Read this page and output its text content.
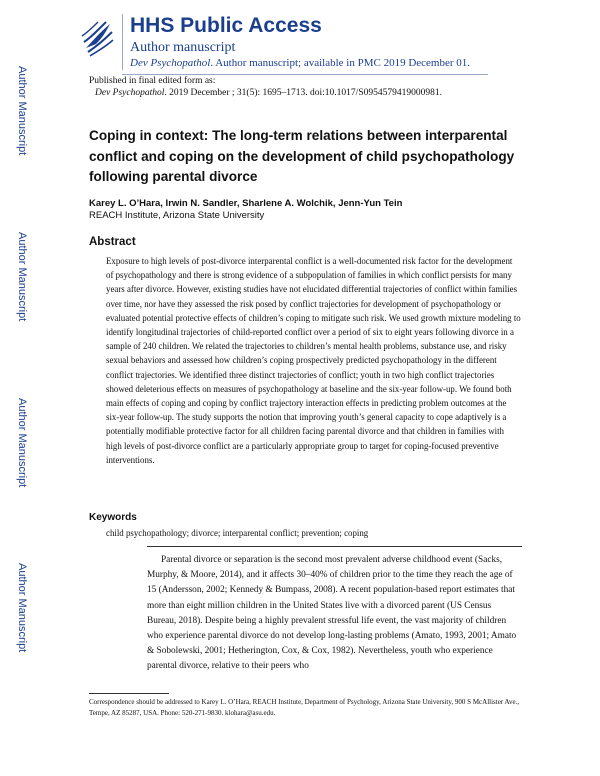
Author Manuscript
Author Manuscript
Author Manuscript
Author Manuscript
HHS Public Access
Author manuscript
Dev Psychopathol. Author manuscript; available in PMC 2019 December 01.
Published in final edited form as:
Dev Psychopathol. 2019 December ; 31(5): 1695–1713. doi:10.1017/S0954579419000981.
Coping in context: The long-term relations between interparental conflict and coping on the development of child psychopathology following parental divorce
Karey L. O’Hara, Irwin N. Sandler, Sharlene A. Wolchik, Jenn-Yun Tein
REACH Institute, Arizona State University
Abstract

Exposure to high levels of post-divorce interparental conflict is a well-documented risk factor for the development of psychopathology and there is strong evidence of a subpopulation of families in which conflict persists for many years after divorce. However, existing studies have not elucidated differential trajectories of conflict within families over time, nor have they assessed the risk posed by conflict trajectories for development of psychopathology or evaluated potential protective effects of children’s coping to mitigate such risk. We used growth mixture modeling to identify longitudinal trajectories of child-reported conflict over a period of six to eight years following divorce in a sample of 240 children. We related the trajectories to children’s mental health problems, substance use, and risky sexual behaviors and assessed how children’s coping prospectively predicted psychopathology in the different conflict trajectories. We identified three distinct trajectories of conflict; youth in two high conflict trajectories showed deleterious effects on measures of psychopathology at baseline and the six-year follow-up. We found both main effects of coping and coping by conflict trajectory interaction effects in predicting problem outcomes at the six-year follow-up. The study supports the notion that improving youth’s general capacity to cope adaptively is a potentially modifiable protective factor for all children facing parental divorce and that children in families with high levels of post-divorce conflict are a particularly appropriate group to target for coping-focused preventive interventions.

Keywords
child psychopathology; divorce; interparental conflict; prevention; coping

Parental divorce or separation is the second most prevalent adverse childhood event (Sacks, Murphy, & Moore, 2014), and it affects 30–40% of children prior to the time they reach the age of 15 (Andersson, 2002; Kennedy & Bumpass, 2008). A recent population-based report estimates that more than eight million children in the United States live with a divorced parent (US Census Bureau, 2018). Despite being a highly prevalent stressful life event, the vast majority of children who experience parental divorce do not develop long-lasting problems (Amato, 1993, 2001; Amato & Sobolewski, 2001; Hetherington, Cox, & Cox, 1982). Nevertheless, youth who experience parental divorce, relative to their peers who

Correspondence should be addressed to Karey L. O’Hara, REACH Institute, Department of Psychology, Arizona State University, 900 S McAllister Ave., Tempe, AZ 85287, USA. Phone: 520-271-9830. klohara@asu.edu.
